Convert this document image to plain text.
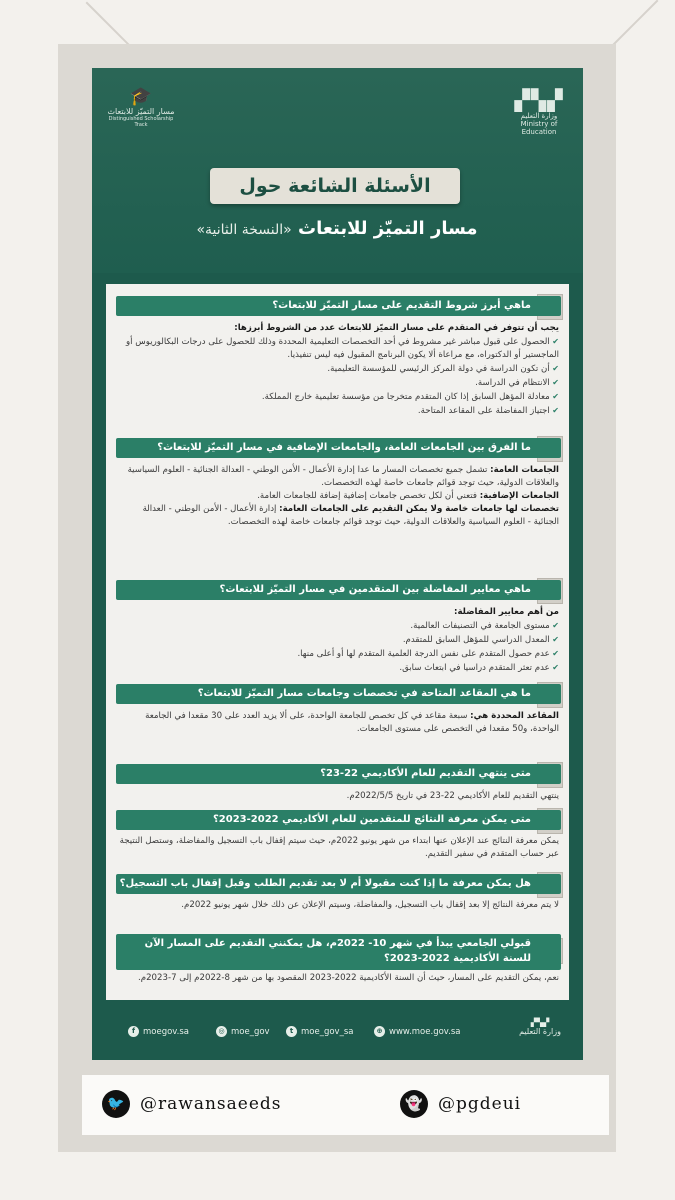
▞▚▞
وزارة التعليم
Ministry of Education
🎓
مسار التميّز للابتعاث
Distinguished Scholarship Track
الأسئلة الشائعة حول
مسار التميّز للابتعاث «النسخة الثانية»
ماهي أبرز شروط التقديم على مسار التميّز للابتعاث؟
يجب أن تتوفر في المتقدم على مسار التميّز للابتعاث عدد من الشروط أبرزها:
✔ الحصول على قبول مباشر غير مشروط في أحد التخصصات التعليمية المحددة وذلك للحصول على درجات البكالوريوس أو الماجستير أو الدكتوراه، مع مراعاة ألا يكون البرنامج المقبول فيه ليس تنفيذيا.
✔ أن تكون الدراسة في دولة المركز الرئيسي للمؤسسة التعليمية.
✔ الانتظام في الدراسة.
✔ معادلة المؤهل السابق إذا كان المتقدم متخرجا من مؤسسة تعليمية خارج المملكة.
✔ اجتياز المفاضلة على المقاعد المتاحة.
ما الفرق بين الجامعات العامة، والجامعات الإضافية في مسار التميّز للابتعاث؟
الجامعات العامة: تشمل جميع تخصصات المسار ما عدا إدارة الأعمال - الأمن الوطني - العدالة الجنائية - العلوم السياسية والعلاقات الدولية، حيث توجد قوائم جامعات خاصة لهذه التخصصات.
الجامعات الإضافية: فتعني أن لكل تخصص جامعات إضافية إضافة للجامعات العامة.
تخصصات لها جامعات خاصة ولا يمكن التقديم على الجامعات العامة: إدارة الأعمال - الأمن الوطني - العدالة الجنائية - العلوم السياسية والعلاقات الدولية، حيث توجد قوائم جامعات خاصة لهذه التخصصات.
ماهي معايير المفاضلة بين المتقدمين في مسار التميّز للابتعاث؟
من أهم معايير المفاضلة:
✔ مستوى الجامعة في التصنيفات العالمية.
✔ المعدل الدراسي للمؤهل السابق للمتقدم.
✔ عدم حصول المتقدم على نفس الدرجة العلمية المتقدم لها أو أعلى منها.
✔ عدم تعثر المتقدم دراسيا في ابتعاث سابق.
ما هي المقاعد المتاحة في تخصصات وجامعات مسار التميّز للابتعاث؟
المقاعد المحددة هي: سبعة مقاعد في كل تخصص للجامعة الواحدة، على ألا يزيد العدد على 30 مقعدا في الجامعة الواحدة، و50 مقعدا في التخصص على مستوى الجامعات.
متى ينتهي التقديم للعام الأكاديمي 22-23؟
ينتهي التقديم للعام الأكاديمي 22-23 في تاريخ 2022/5/5م.
متى يمكن معرفة النتائج للمتقدمين للعام الأكاديمي 2022-2023؟
يمكن معرفة النتائج عند الإعلان عنها ابتداء من شهر يونيو 2022م، حيث سيتم إقفال باب التسجيل والمفاضلة، وستصل النتيجة عبر حساب المتقدم في سفير التقديم.
هل يمكن معرفة ما إذا كنت مقبولا أم لا بعد تقديم الطلب وقبل إقفال باب التسجيل؟
لا يتم معرفة النتائج إلا بعد إقفال باب التسجيل، والمفاضلة، وسيتم الإعلان عن ذلك خلال شهر يونيو 2022م.
قبولي الجامعي يبدأ في شهر 10- 2022م، هل يمكنني التقديم على المسار الآن للسنة الأكاديمية 2022-2023؟
نعم، يمكن التقديم على المسار، حيث أن السنة الأكاديمية 2022-2023 المقصود بها من شهر 8-2022م إلى 7-2023م.
f moegov.sa	◎ moe_gov	t moe_gov_sa	⊕ www.moe.gov.sa
▞▚▞
وزارة التعليم
🐦 @rawansaeeds	👻 @pgdeui
